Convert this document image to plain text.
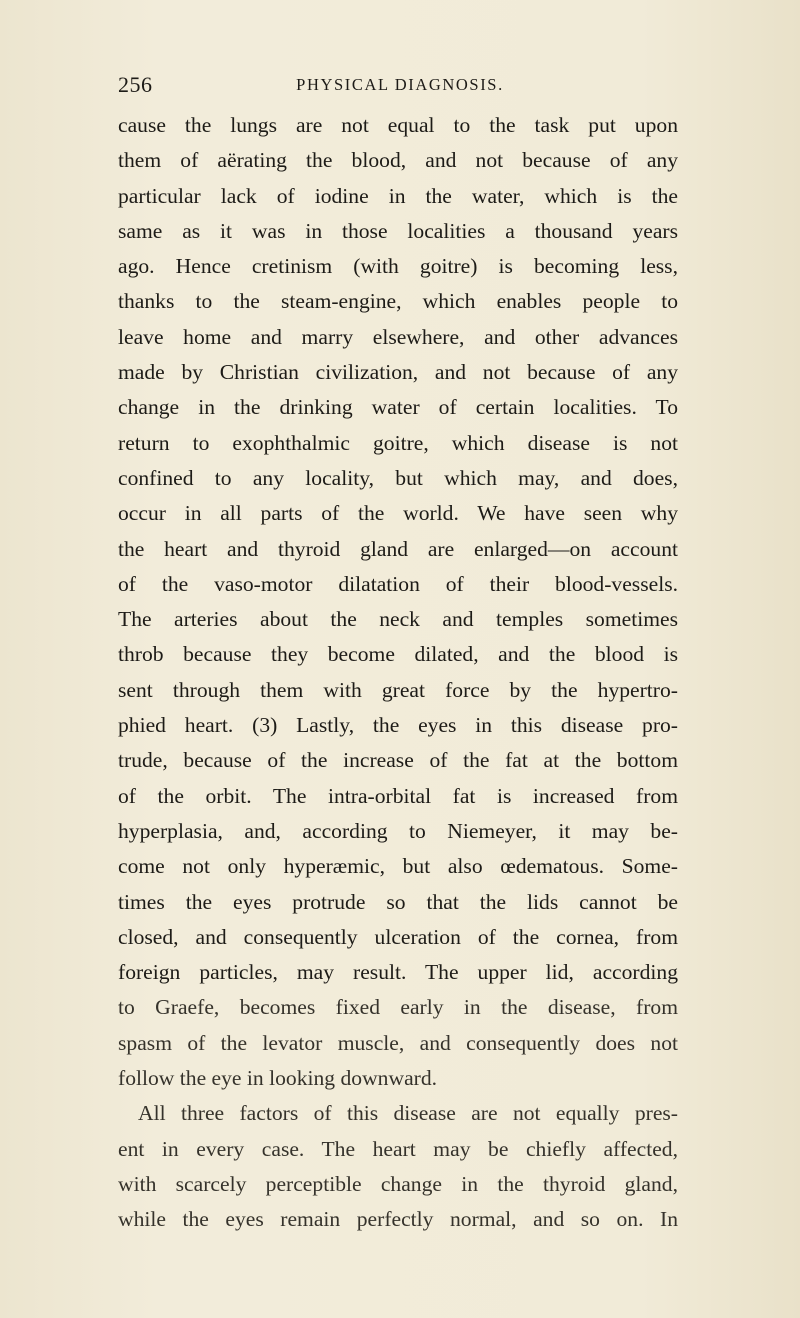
256	PHYSICAL DIAGNOSIS.
cause the lungs are not equal to the task put upon
them of aërating the blood, and not because of any
particular lack of iodine in the water, which is the
same as it was in those localities a thousand years
ago. Hence cretinism (with goitre) is becoming less,
thanks to the steam-engine, which enables people to
leave home and marry elsewhere, and other advances
made by Christian civilization, and not because of any
change in the drinking water of certain localities. To
return to exophthalmic goitre, which disease is not
confined to any locality, but which may, and does,
occur in all parts of the world. We have seen why
the heart and thyroid gland are enlarged—on account
of the vaso-motor dilatation of their blood-vessels.
The arteries about the neck and temples sometimes
throb because they become dilated, and the blood is
sent through them with great force by the hypertro-
phied heart. (3) Lastly, the eyes in this disease pro-
trude, because of the increase of the fat at the bottom
of the orbit. The intra-orbital fat is increased from
hyperplasia, and, according to Niemeyer, it may be-
come not only hyperæmic, but also œdematous. Some-
times the eyes protrude so that the lids cannot be
closed, and consequently ulceration of the cornea, from
foreign particles, may result. The upper lid, according
to Graefe, becomes fixed early in the disease, from
spasm of the levator muscle, and consequently does not
follow the eye in looking downward.
All three factors of this disease are not equally pres-
ent in every case. The heart may be chiefly affected,
with scarcely perceptible change in the thyroid gland,
while the eyes remain perfectly normal, and so on. In
